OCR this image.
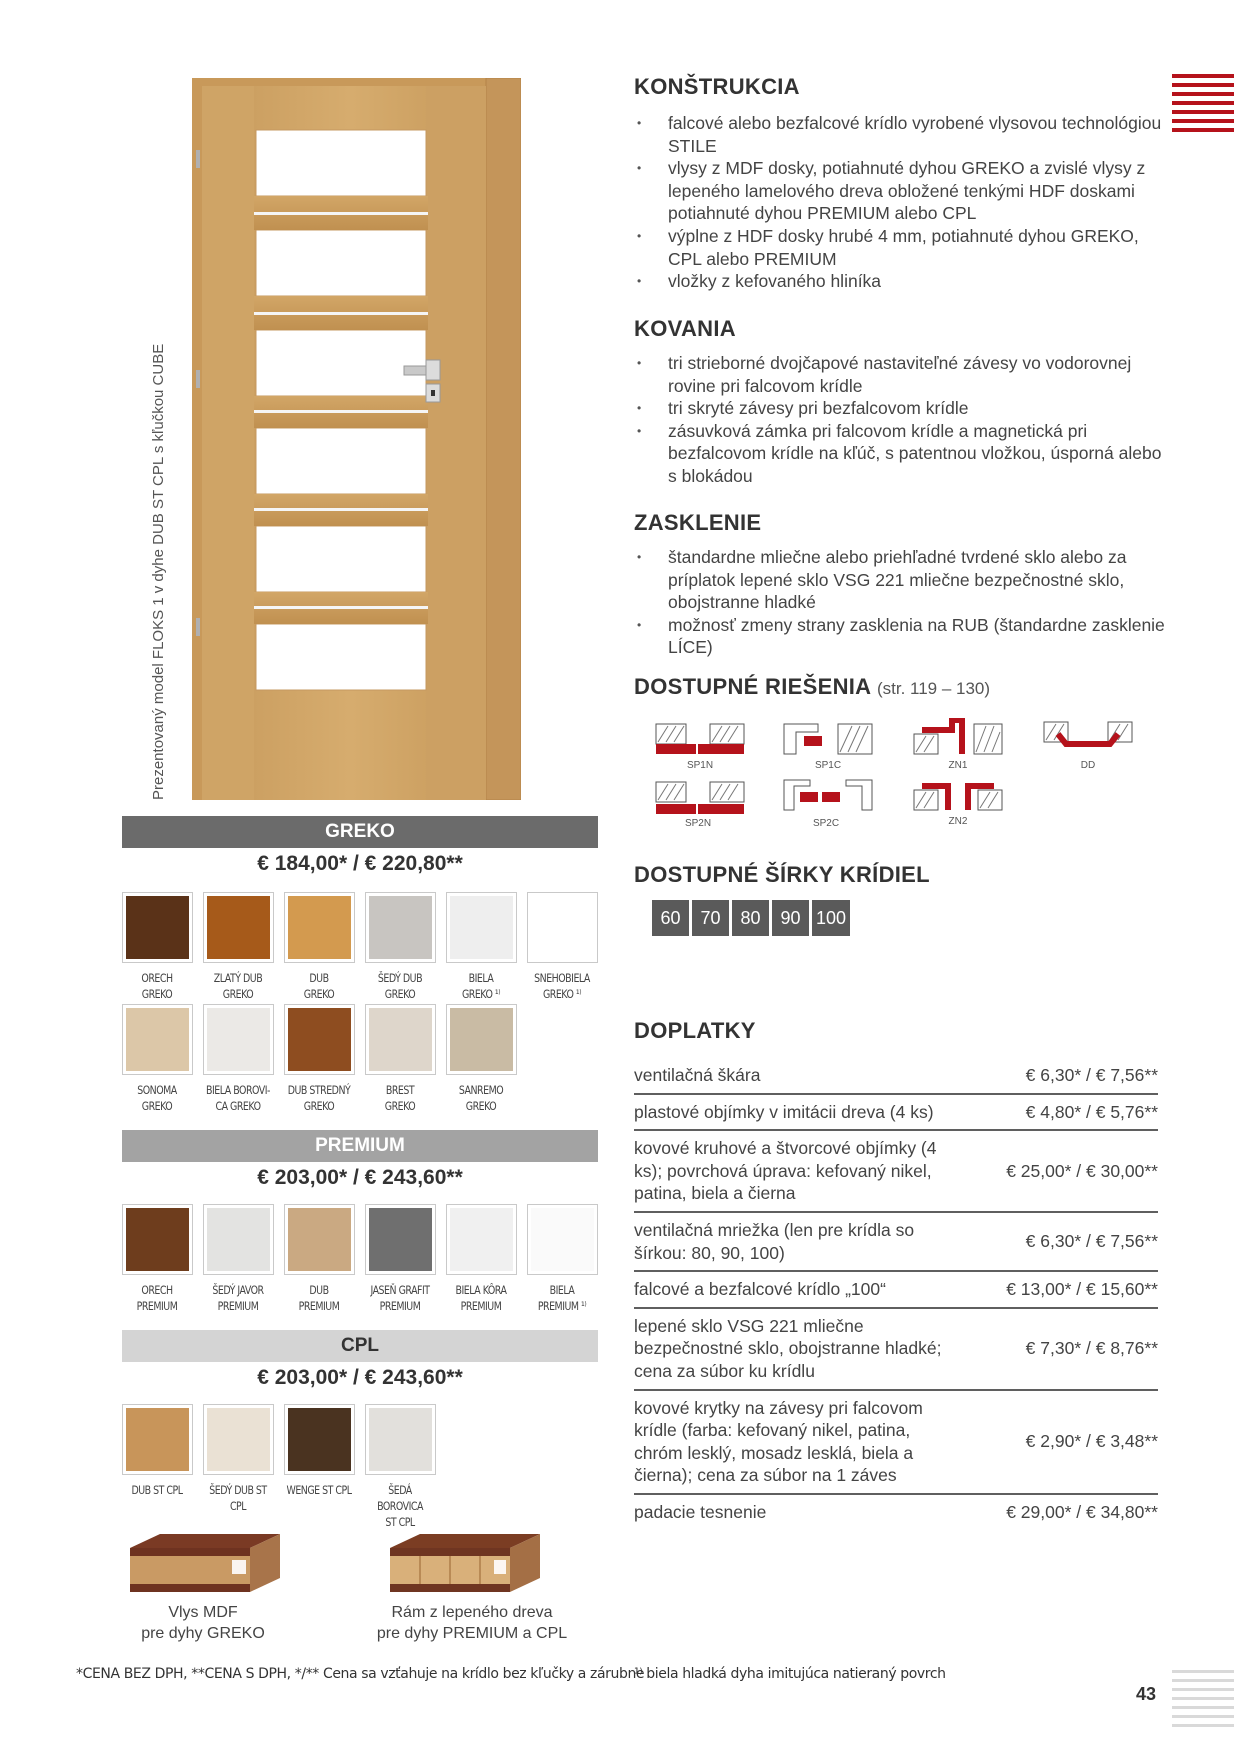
Prezentovaný model FLOKS 1 v dyhe DUB ST CPL s kľučkou CUBE
GREKO
€ 184,00* / € 220,80**
ORECH
GREKO
ZLATÝ DUB
GREKO
DUB
GREKO
ŠEDÝ DUB
GREKO
BIELA
GREKO ¹⁾
SNEHOBIELA
GREKO ¹⁾
SONOMA
GREKO
BIELA BOROVI-
CA GREKO
DUB STREDNÝ
GREKO
BREST
GREKO
SANREMO
GREKO
PREMIUM
€ 203,00* / € 243,60**
ORECH
PREMIUM
ŠEDÝ JAVOR
PREMIUM
DUB
PREMIUM
JASEŇ GRAFIT
PREMIUM
BIELA KÔRA
PREMIUM
BIELA
PREMIUM ¹⁾
CPL
€ 203,00* / € 243,60**
DUB ST CPL	ŠEDÝ DUB ST CPL
WENGE ST CPL	ŠEDÁ BOROVICA
ST CPL
Vlys MDF
pre dyhy GREKO
Rám z lepeného dreva
pre dyhy PREMIUM a CPL
*CENA BEZ DPH, **CENA S DPH, */** Cena sa vzťahuje na krídlo bez kľučky a zárubne
¹⁾ biela hladká dyha imitujúca natieraný povrch
43
KONŠTRUKCIA
• falcové alebo bezfalcové krídlo vyrobené vlysovou technológiou STILE
• vlysy z MDF dosky, potiahnuté dyhou GREKO a zvislé vlysy z lepeného lamelového dreva obložené tenkými HDF doskami potiahnuté dyhou PREMIUM alebo CPL
• výplne z HDF dosky hrubé 4 mm, potiahnuté dyhou GREKO, CPL alebo PREMIUM
• vložky z kefovaného hliníka
KOVANIA
• tri strieborné dvojčapové nastaviteľné závesy vo vodorovnej rovine pri falcovom krídle
• tri skryté závesy pri bezfalcovom krídle
• zásuvková zámka pri falcovom krídle a magnetická pri bezfalcovom krídle na kľúč, s patentnou vložkou, úsporná alebo s blokádou
ZASKLENIE
• štandardne mliečne alebo priehľadné tvrdené sklo alebo za príplatok lepené sklo VSG 221 mliečne bezpečnostné sklo, obojstranne hladké
• možnosť zmeny strany zasklenia na RUB (štandardne zasklenie LÍCE)
DOSTUPNÉ RIEŠENIA (str. 119 – 130)
SP1N	SP1C	ZN1	DD
SP2N	SP2C	ZN2
DOSTUPNÉ ŠÍRKY KRÍDIEL
60	70	80	90 100
DOPLATKY
ventilačná škára	€ 6,30* / € 7,56**
plastové objímky v imitácii dreva (4 ks)	€ 4,80* / € 5,76**
kovové kruhové a štvorcové objímky (4 ks); povrchová úprava: kefovaný nikel, patina, biela a čierna
€ 25,00* / € 30,00**
ventilačná mriežka (len pre krídla so šírkou: 80, 90, 100)
€ 6,30* / € 7,56**
falcové a bezfalcové krídlo „100“	€ 13,00* / € 15,60**
lepené sklo VSG 221 mliečne bezpečnostné sklo, obojstranne hladké; cena za súbor ku krídlu
€ 7,30* / € 8,76**
kovové krytky na závesy pri falcovom krídle (farba: kefovaný nikel, patina, chróm lesklý, mosadz lesklá, biela a čierna); cena za súbor na 1 záves
€ 2,90* / € 3,48**
padacie tesnenie	€ 29,00* / € 34,80**
